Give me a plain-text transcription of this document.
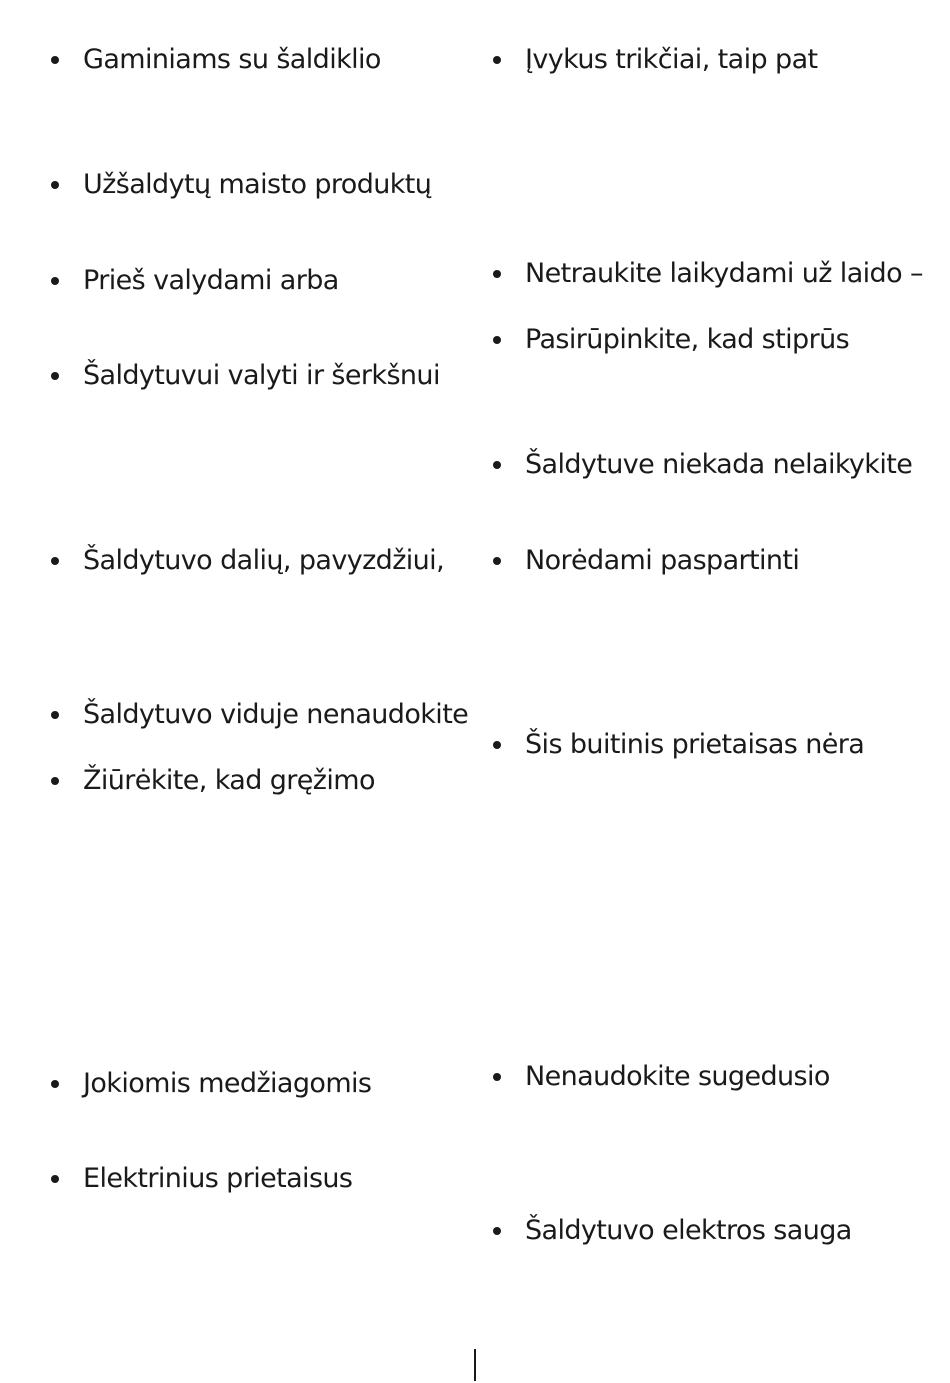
Gaminiams su šaldiklio
Užšaldytų maisto produktų
Prieš valydami arba
Šaldytuvui valyti ir šerkšnui
Šaldytuvo dalių, pavyzdžiui,
Šaldytuvo viduje nenaudokite
Žiūrėkite, kad gręžimo
Jokiomis medžiagomis
Elektrinius prietaisus
Įvykus trikčiai, taip pat
Netraukite laikydami už laido –
Pasirūpinkite, kad stiprūs
Šaldytuve niekada nelaikykite
Norėdami paspartinti
Šis buitinis prietaisas nėra
Nenaudokite sugedusio
Šaldytuvo elektros sauga
